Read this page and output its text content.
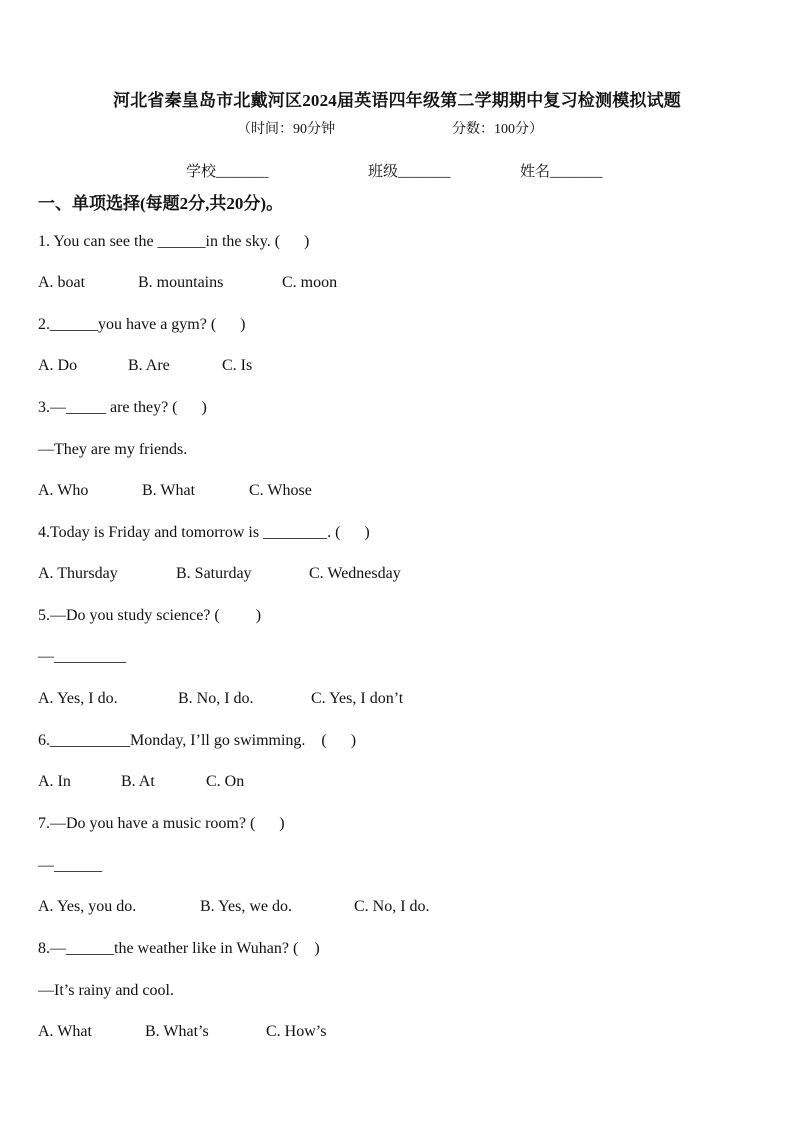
河北省秦皇岛市北戴河区2024届英语四年级第二学期期中复习检测模拟试题
（时间：90分钟	分数：100分）
学校_______	班级_______	姓名_______
一、单项选择(每题2分,共20分)。
1. You can see the ______in the sky. (      )
A. boat	B. mountains	C. moon
2.______you have a gym? (      )
A. Do	B. Are	C. Is
3.—_____ are they? (      )
—They are my friends.
A. Who	B. What	C. Whose
4.Today is Friday and tomorrow is ________. (      )
A. Thursday	B. Saturday	C. Wednesday
5.—Do you study science? (         )
—_________
A. Yes, I do.	B. No, I do.	C. Yes, I don’t
6.__________Monday, I’ll go swimming.    (      )
A. In	B. At	C. On
7.—Do you have a music room? (      )
—______
A. Yes, you do.	B. Yes, we do.	C. No, I do.
8.—______the weather like in Wuhan? (    )
—It’s rainy and cool.
A. What	B. What’s	C. How’s
